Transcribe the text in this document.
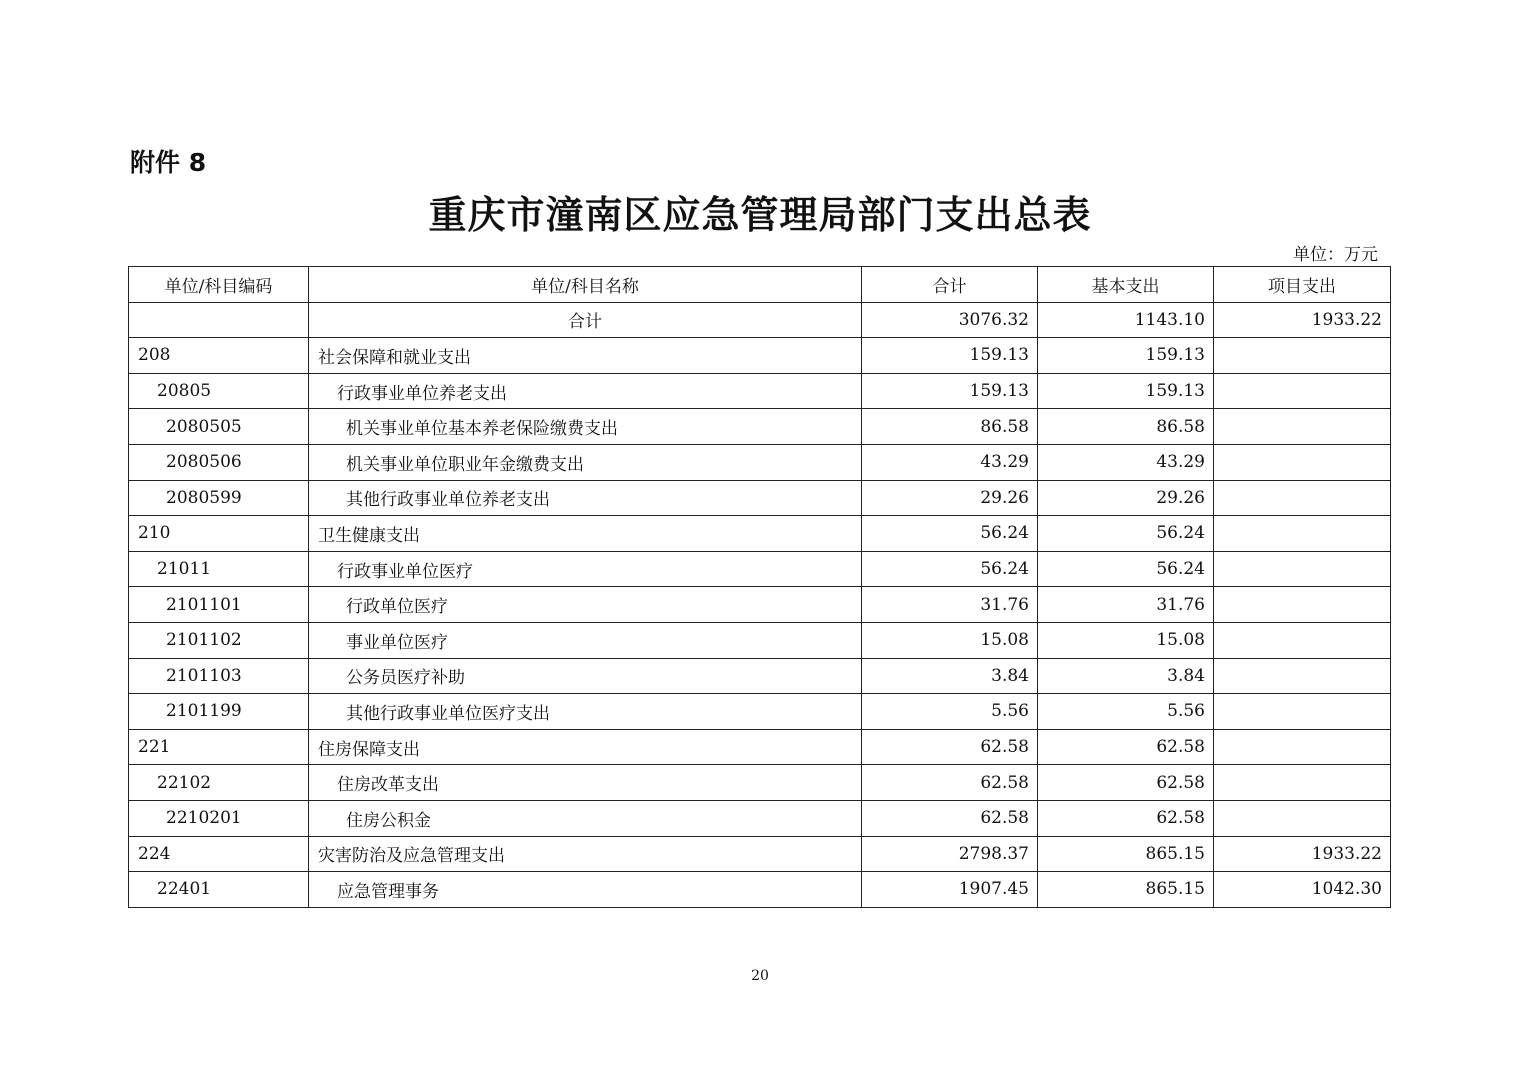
附件 8
重庆市潼南区应急管理局部门支出总表
单位：万元
单位/科目编码	单位/科目名称	合计	基本支出	项目支出
	合计	3076.32	1143.10	1933.22
208	社会保障和就业支出	159.13	159.13	
20805	行政事业单位养老支出	159.13	159.13	
2080505	机关事业单位基本养老保险缴费支出	86.58	86.58	
2080506	机关事业单位职业年金缴费支出	43.29	43.29	
2080599	其他行政事业单位养老支出	29.26	29.26	
210	卫生健康支出	56.24	56.24	
21011	行政事业单位医疗	56.24	56.24	
2101101	行政单位医疗	31.76	31.76	
2101102	事业单位医疗	15.08	15.08	
2101103	公务员医疗补助	3.84	3.84	
2101199	其他行政事业单位医疗支出	5.56	5.56	
221	住房保障支出	62.58	62.58	
22102	住房改革支出	62.58	62.58	
2210201	住房公积金	62.58	62.58	
224	灾害防治及应急管理支出	2798.37	865.15	1933.22
22401	应急管理事务	1907.45	865.15	1042.30
20
